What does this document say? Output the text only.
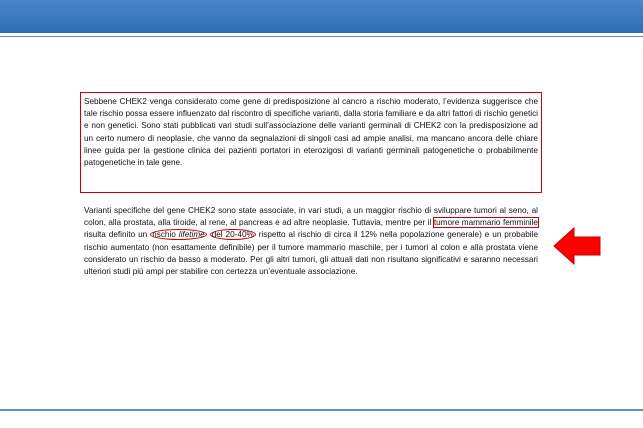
Sebbene CHEK2 venga considerato come gene di predisposizione al cancro a rischio moderato, l’evidenza suggerisce che tale rischio possa essere influenzato dal riscontro di specifiche varianti, dalla storia familiare e da altri fattori di rischio genetici e non genetici. Sono stati pubblicati vari studi sull’associazione delle varianti germinali di CHEK2 con la predisposizione ad un certo numero di neoplasie, che vanno da segnalazioni di singoli casi ad ampie analisi, ma mancano ancora delle chiare linee guida per la gestione clinica dei pazienti portatori in eterozigosi di varianti germinali patogenetiche o probabilmente patogenetiche in tale gene.
Varianti specifiche del gene CHEK2 sono state associate, in vari studi, a un maggior rischio di sviluppare tumori al seno, al colon, alla prostata, alla tiroide, al rene, al pancreas e ad altre neoplasie. Tuttavia, mentre per il tumore mammario femminile risulta definito un rischio lifetime del 20-40% rispetto al rischio di circa il 12% nella popolazione generale) e un probabile rischio aumentato (non esattamente definibile) per il tumore mammario maschile, per i tumori al colon e alla prostata viene considerato un rischio da basso a moderato. Per gli altri tumori, gli attuali dati non risultano significativi e saranno necessari ulteriori studi più ampi per stabilire con certezza un’eventuale associazione.
